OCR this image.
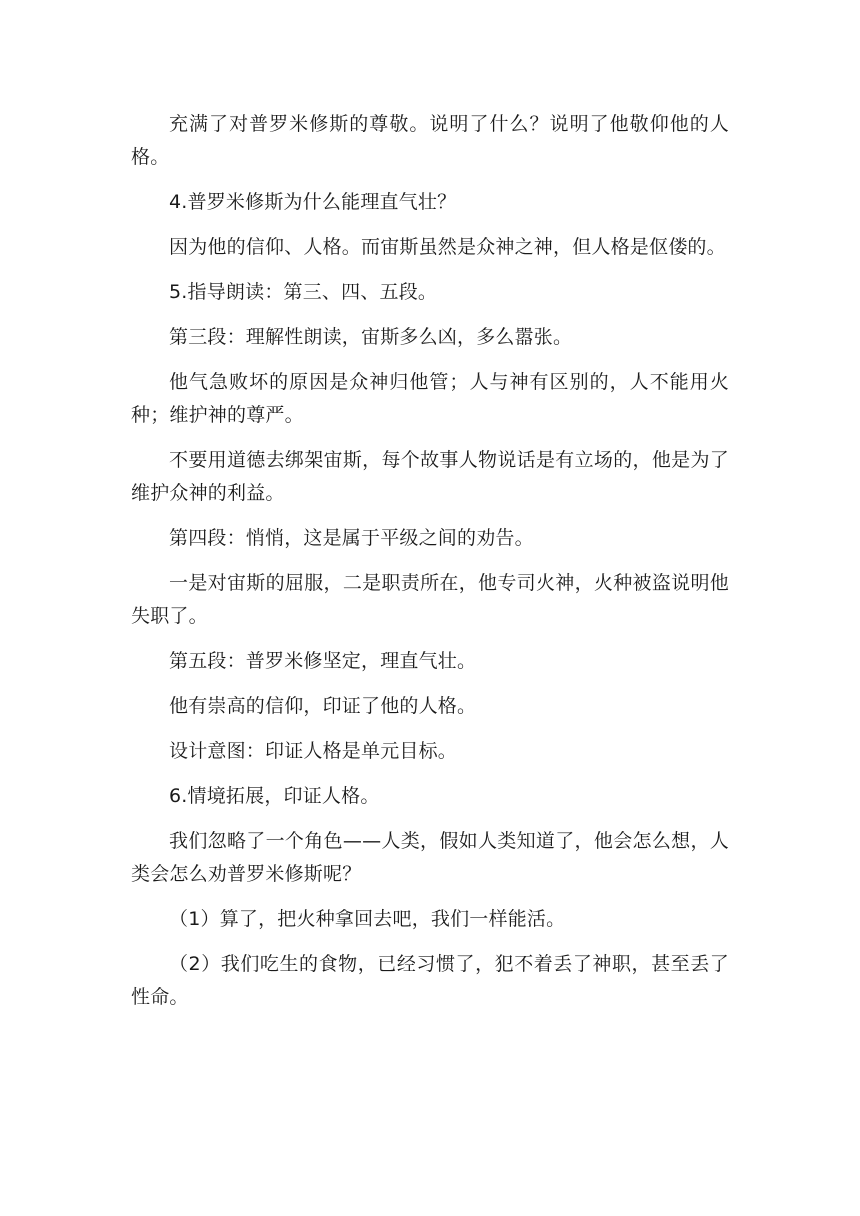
充满了对普罗米修斯的尊敬。说明了什么？说明了他敬仰他的人格。

4.普罗米修斯为什么能理直气壮？

因为他的信仰、人格。而宙斯虽然是众神之神，但人格是伛偻的。

5.指导朗读：第三、四、五段。

第三段：理解性朗读，宙斯多么凶，多么嚣张。

他气急败坏的原因是众神归他管；人与神有区别的，人不能用火种；维护神的尊严。

不要用道德去绑架宙斯，每个故事人物说话是有立场的，他是为了维护众神的利益。

第四段：悄悄，这是属于平级之间的劝告。

一是对宙斯的屈服，二是职责所在，他专司火神，火种被盗说明他失职了。

第五段：普罗米修坚定，理直气壮。

他有崇高的信仰，印证了他的人格。

设计意图：印证人格是单元目标。

6.情境拓展，印证人格。

我们忽略了一个角色——人类，假如人类知道了，他会怎么想，人类会怎么劝普罗米修斯呢？

（1）算了，把火种拿回去吧，我们一样能活。

（2）我们吃生的食物，已经习惯了，犯不着丢了神职，甚至丢了性命。
